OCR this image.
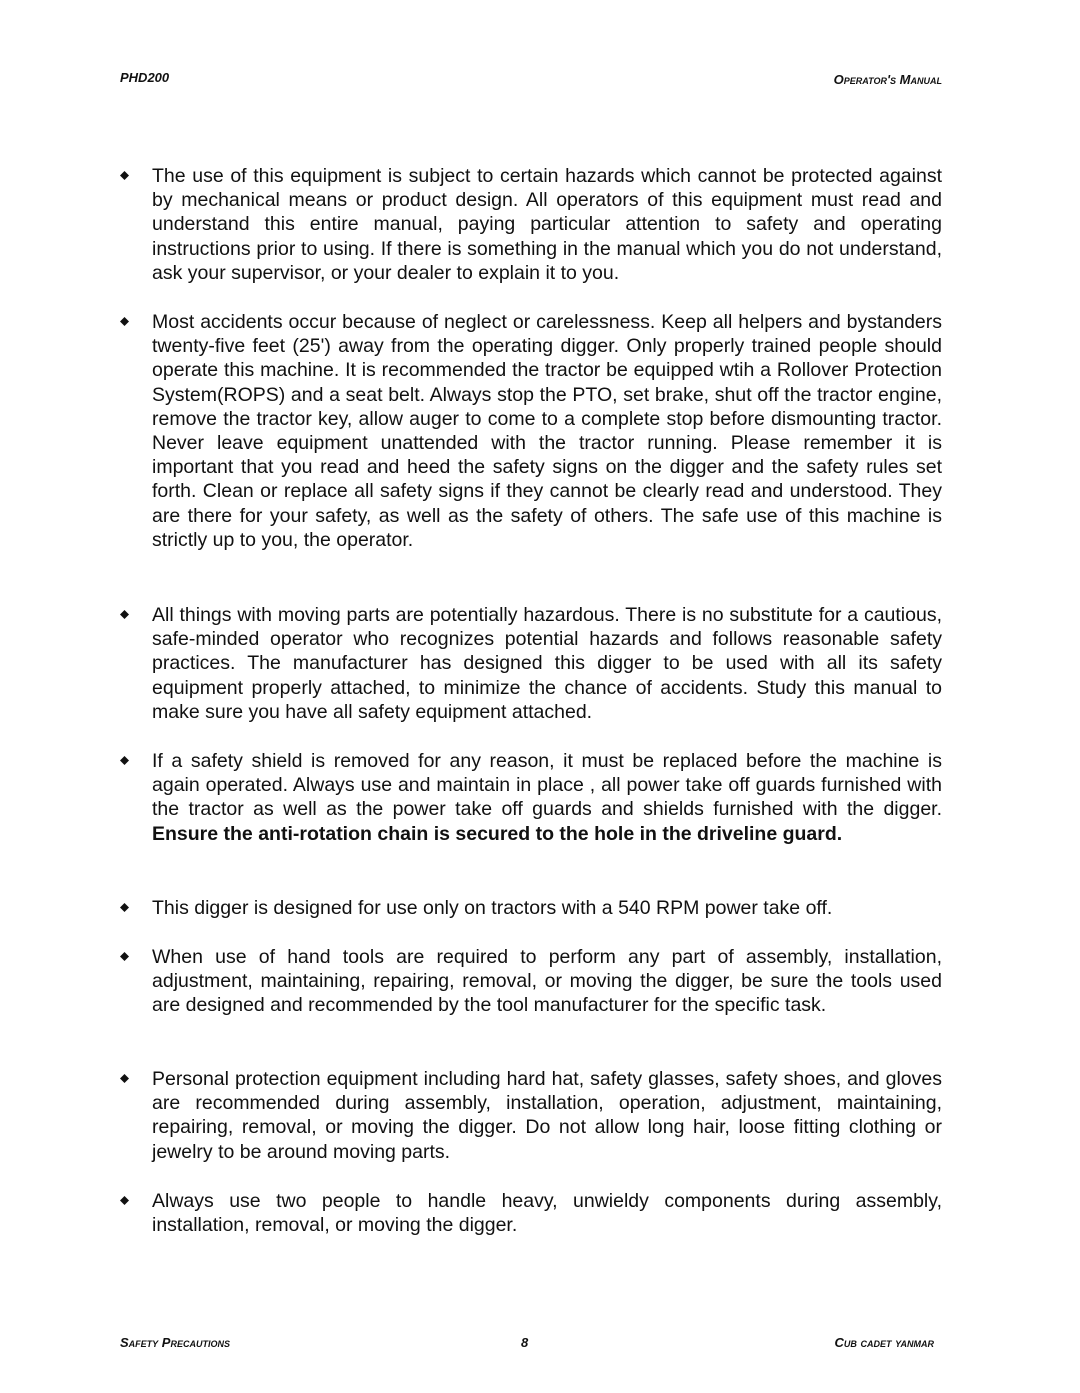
PHD200	Operator's Manual

The use of this equipment is subject to certain hazards which cannot be protected against by mechanical means or product design. All operators of this equipment must read and understand this entire manual, paying particular attention to safety and operating instructions prior to using. If there is something in the manual which you do not understand, ask your supervisor, or your dealer to explain it to you.

Most accidents occur because of neglect or carelessness. Keep all helpers and bystanders twenty-five feet (25') away from the operating digger. Only properly trained people should operate this machine. It is recommended the tractor be equipped wtih a Rollover Protection System(ROPS) and a seat belt. Always stop the PTO, set brake, shut off the tractor engine, remove the tractor key, allow auger to come to a complete stop before dismounting tractor. Never leave equipment unattended with the tractor running. Please remember it is important that you read and heed the safety signs on the digger and the safety rules set forth. Clean or replace all safety signs if they cannot be clearly read and understood. They are there for your safety, as well as the safety of others. The safe use of this machine is strictly up to you, the operator.

All things with moving parts are potentially hazardous. There is no substitute for a cautious, safe-minded operator who recognizes potential hazards and follows reasonable safety practices. The manufacturer has designed this digger to be used with all its safety equipment properly attached, to minimize the chance of accidents. Study this manual to make sure you have all safety equipment attached.

If a safety shield is removed for any reason, it must be replaced before the machine is again operated. Always use and maintain in place , all power take off guards furnished with the tractor as well as the power take off guards and shields furnished with the digger. Ensure the anti-rotation chain is secured to the hole in the driveline guard.

This digger is designed for use only on tractors with a 540 RPM power take off.

When use of hand tools are required to perform any part of assembly, installation, adjustment, maintaining, repairing, removal, or moving the digger, be sure the tools used are designed and recommended by the tool manufacturer for the specific task.

Personal protection equipment including hard hat, safety glasses, safety shoes, and gloves are recommended during assembly, installation, operation, adjustment, maintaining, repairing, removal, or moving the digger. Do not allow long hair, loose fitting clothing or jewelry to be around moving parts.

Always use two people to handle heavy, unwieldy components during assembly, installation, removal, or moving the digger.

Safety Precautions	8	Cub cadet yanmar
